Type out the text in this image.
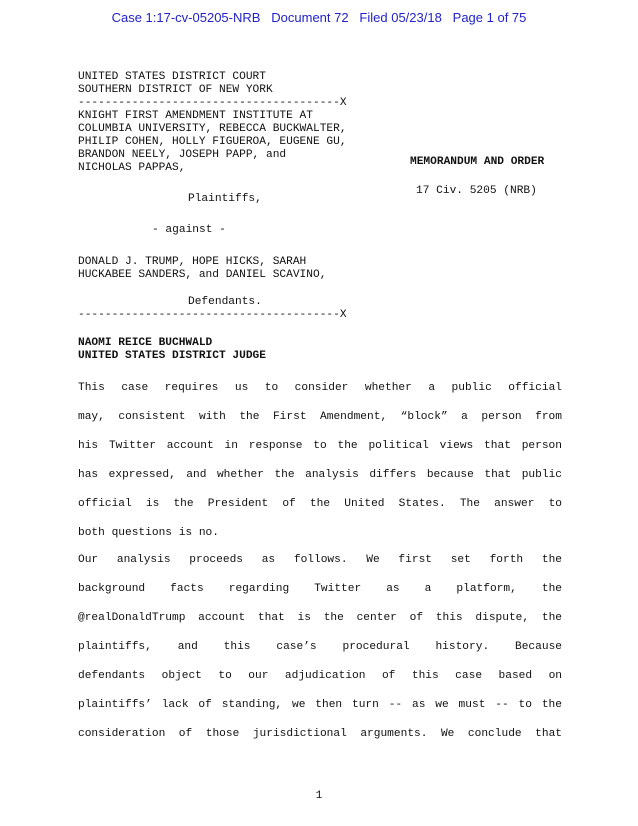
Case 1:17-cv-05205-NRB   Document 72   Filed 05/23/18   Page 1 of 75
UNITED STATES DISTRICT COURT
SOUTHERN DISTRICT OF NEW YORK
---------------------------------------X
KNIGHT FIRST AMENDMENT INSTITUTE AT
COLUMBIA UNIVERSITY, REBECCA BUCKWALTER,
PHILIP COHEN, HOLLY FIGUEROA, EUGENE GU,
BRANDON NEELY, JOSEPH PAPP, and
NICHOLAS PAPPAS,
Plaintiffs,
- against -
DONALD J. TRUMP, HOPE HICKS, SARAH
HUCKABEE SANDERS, and DANIEL SCAVINO,
Defendants.
---------------------------------------X
MEMORANDUM AND ORDER
17 Civ. 5205 (NRB)
NAOMI REICE BUCHWALD
UNITED STATES DISTRICT JUDGE
This case requires us to consider whether a public official
may, consistent with the First Amendment, “block” a person from
his Twitter account in response to the political views that person
has expressed, and whether the analysis differs because that public
official is the President of the United States. The answer to
both questions is no.
Our analysis proceeds as follows. We first set forth the
background facts regarding Twitter as a platform, the
@realDonaldTrump account that is the center of this dispute, the
plaintiffs, and this case’s procedural history. Because
defendants object to our adjudication of this case based on
plaintiffs’ lack of standing, we then turn -- as we must -- to the
consideration of those jurisdictional arguments. We conclude that
1
